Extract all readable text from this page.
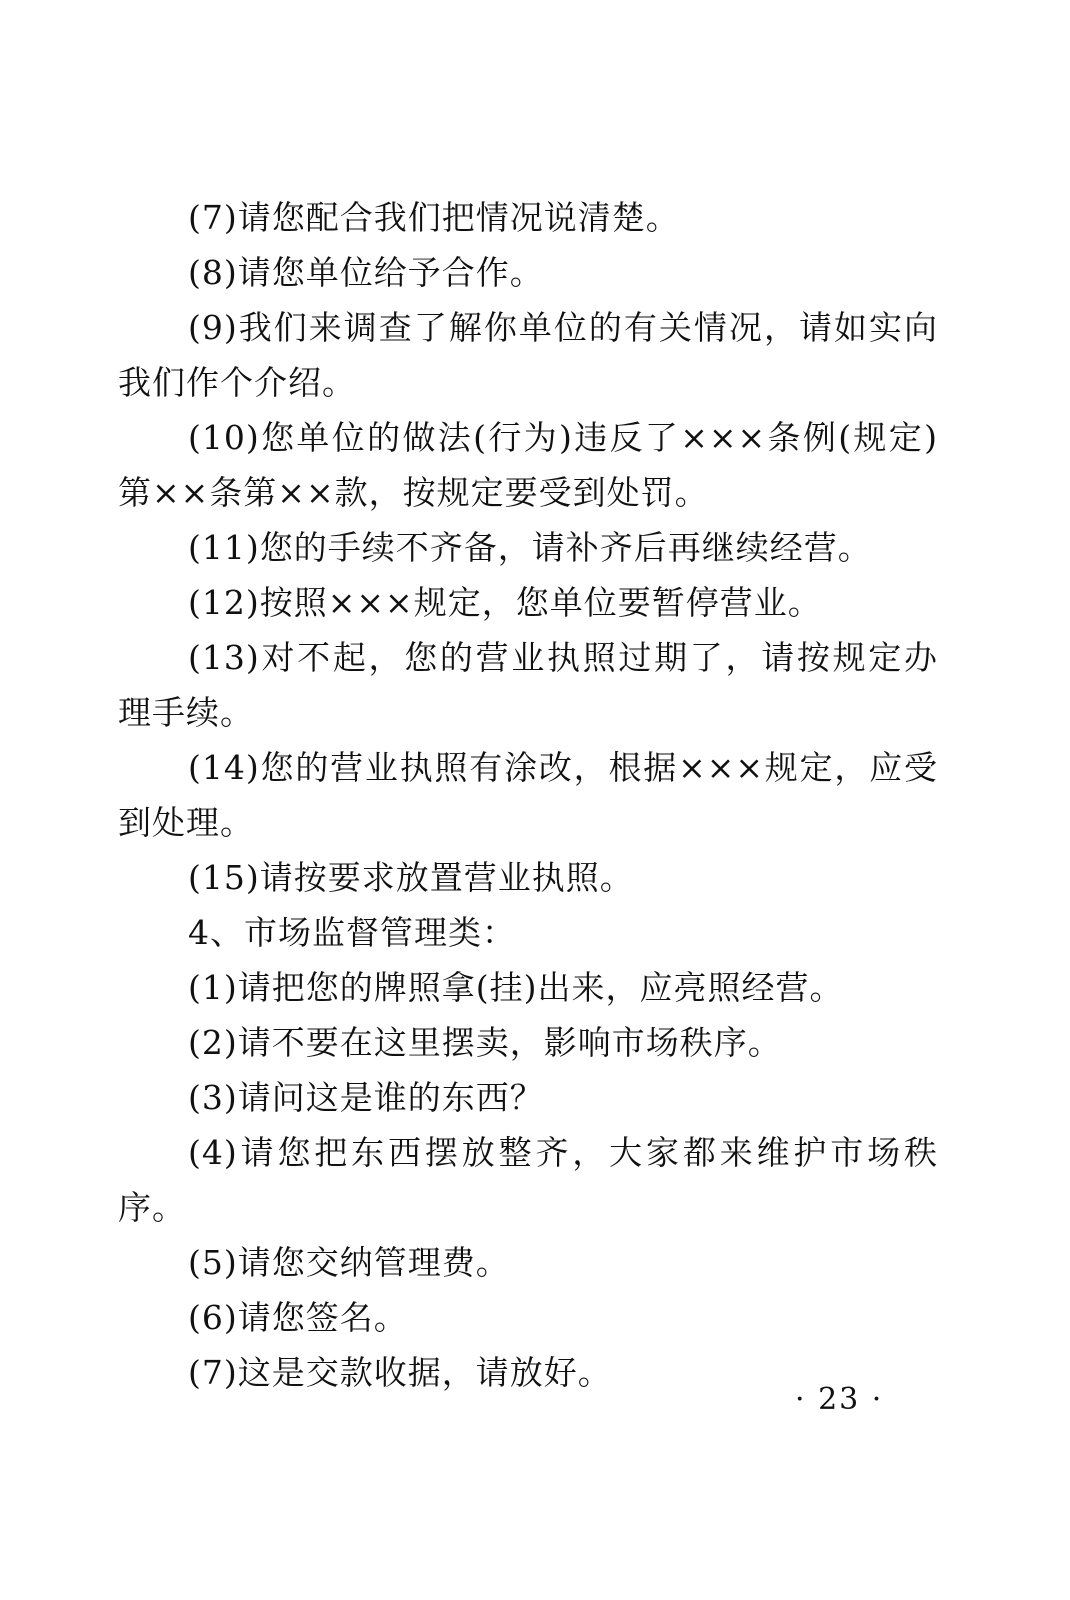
(7)请您配合我们把情况说清楚。

(8)请您单位给予合作。

(9)我们来调查了解你单位的有关情况，请如实向我们作个介绍。

(10)您单位的做法(行为)违反了×××条例(规定)第××条第××款，按规定要受到处罚。

(11)您的手续不齐备，请补齐后再继续经营。

(12)按照×××规定，您单位要暂停营业。

(13)对不起，您的营业执照过期了，请按规定办理手续。

(14)您的营业执照有涂改，根据×××规定，应受到处理。

(15)请按要求放置营业执照。

4、市场监督管理类：

(1)请把您的牌照拿(挂)出来，应亮照经营。

(2)请不要在这里摆卖，影响市场秩序。

(3)请问这是谁的东西？

(4)请您把东西摆放整齐，大家都来维护市场秩序。

(5)请您交纳管理费。

(6)请您签名。

(7)这是交款收据，请放好。

· 23 ·
